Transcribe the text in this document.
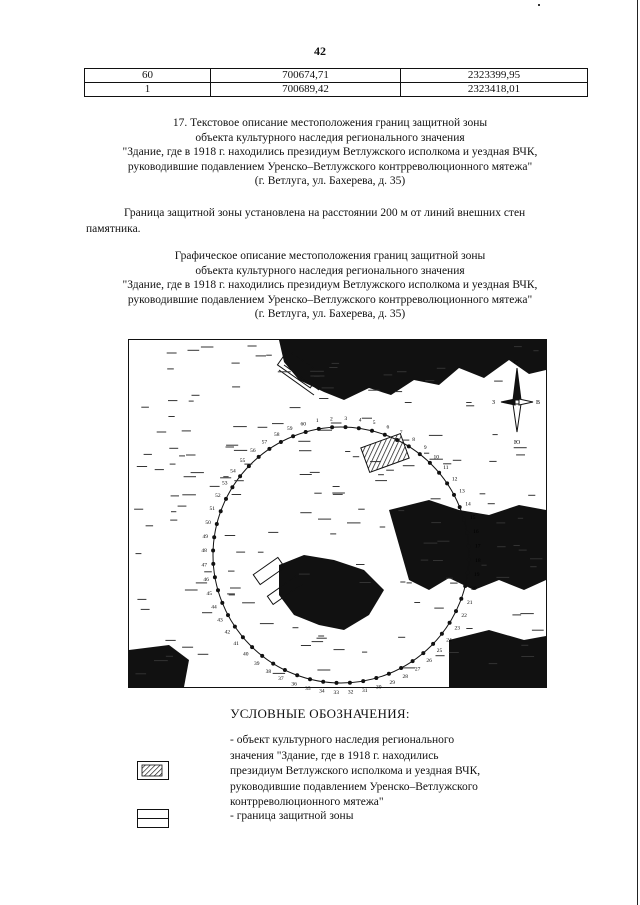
42
60	700674,71	2323399,95
1	700689,42	2323418,01
17. Текстовое описание местоположения границ защитной зоны
объекта культурного наследия регионального значения
"Здание, где в 1918 г. находились президиум Ветлужского исполкома и уездная ВЧК,
руководившие подавлением Уренско–Ветлужского контрреволюционного мятежа"
(г. Ветлуга, ул. Бахерева, д. 35)
Граница защитной зоны установлена на расстоянии 200 м от линий внешних стен
памятника.
Графическое описание местоположения границ защитной зоны
объекта культурного наследия регионального значения
"Здание, где в 1918 г. находились президиум Ветлужского исполкома и уездная ВЧК,
руководившие подавлением Уренско–Ветлужского контрреволюционного мятежа"
(г. Ветлуга, ул. Бахерева, д. 35)
С
З	В
Ю
1 2 3 4 5
6
7
8
9
10
11
12
13
14
15
16
17
18
19
20
21
22
23
24
25
26
27
28
29
30
31
32
33
34
35
36
37
38
39
40
41
42
43
44
45
46
47
48
49
50
51
52
53
54
55
56
57
58
59
60
УСЛОВНЫЕ ОБОЗНАЧЕНИЯ:
- объект культурного наследия регионального
значения "Здание, где в 1918 г. находились
президиум Ветлужского исполкома и уездная ВЧК,
руководившие подавлением Уренско–Ветлужского
контрреволюционного мятежа"
- граница защитной зоны
